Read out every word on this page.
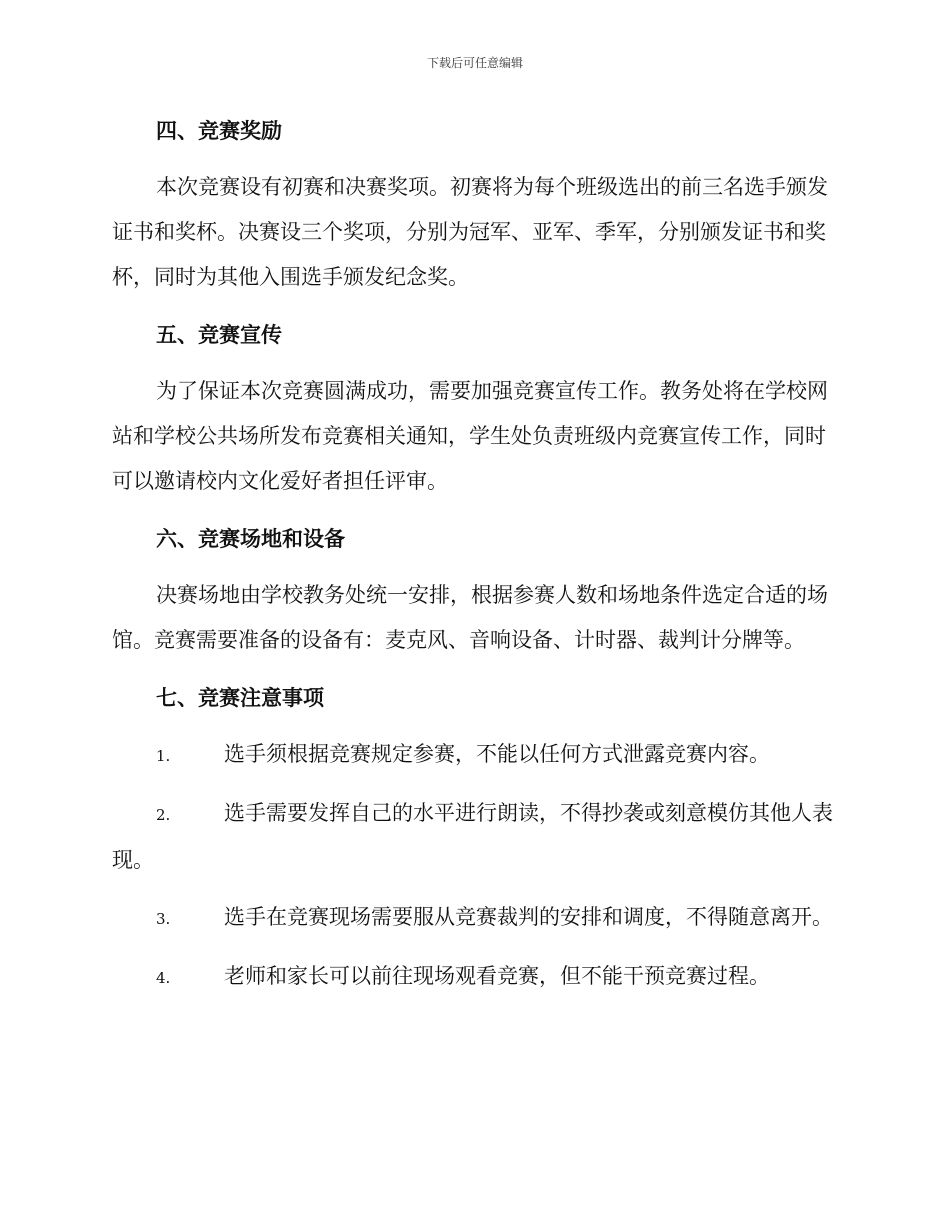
下载后可任意编辑
四、竞赛奖励

本次竞赛设有初赛和决赛奖项。初赛将为每个班级选出的前三名选手颁发证书和奖杯。决赛设三个奖项，分别为冠军、亚军、季军，分别颁发证书和奖杯，同时为其他入围选手颁发纪念奖。

五、竞赛宣传

为了保证本次竞赛圆满成功，需要加强竞赛宣传工作。教务处将在学校网站和学校公共场所发布竞赛相关通知，学生处负责班级内竞赛宣传工作，同时可以邀请校内文化爱好者担任评审。

六、竞赛场地和设备

决赛场地由学校教务处统一安排，根据参赛人数和场地条件选定合适的场馆。竞赛需要准备的设备有：麦克风、音响设备、计时器、裁判计分牌等。

七、竞赛注意事项

1.	选手须根据竞赛规定参赛，不能以任何方式泄露竞赛内容。

2.	选手需要发挥自己的水平进行朗读，不得抄袭或刻意模仿其他人表现。

3.	选手在竞赛现场需要服从竞赛裁判的安排和调度，不得随意离开。

4.	老师和家长可以前往现场观看竞赛，但不能干预竞赛过程。
